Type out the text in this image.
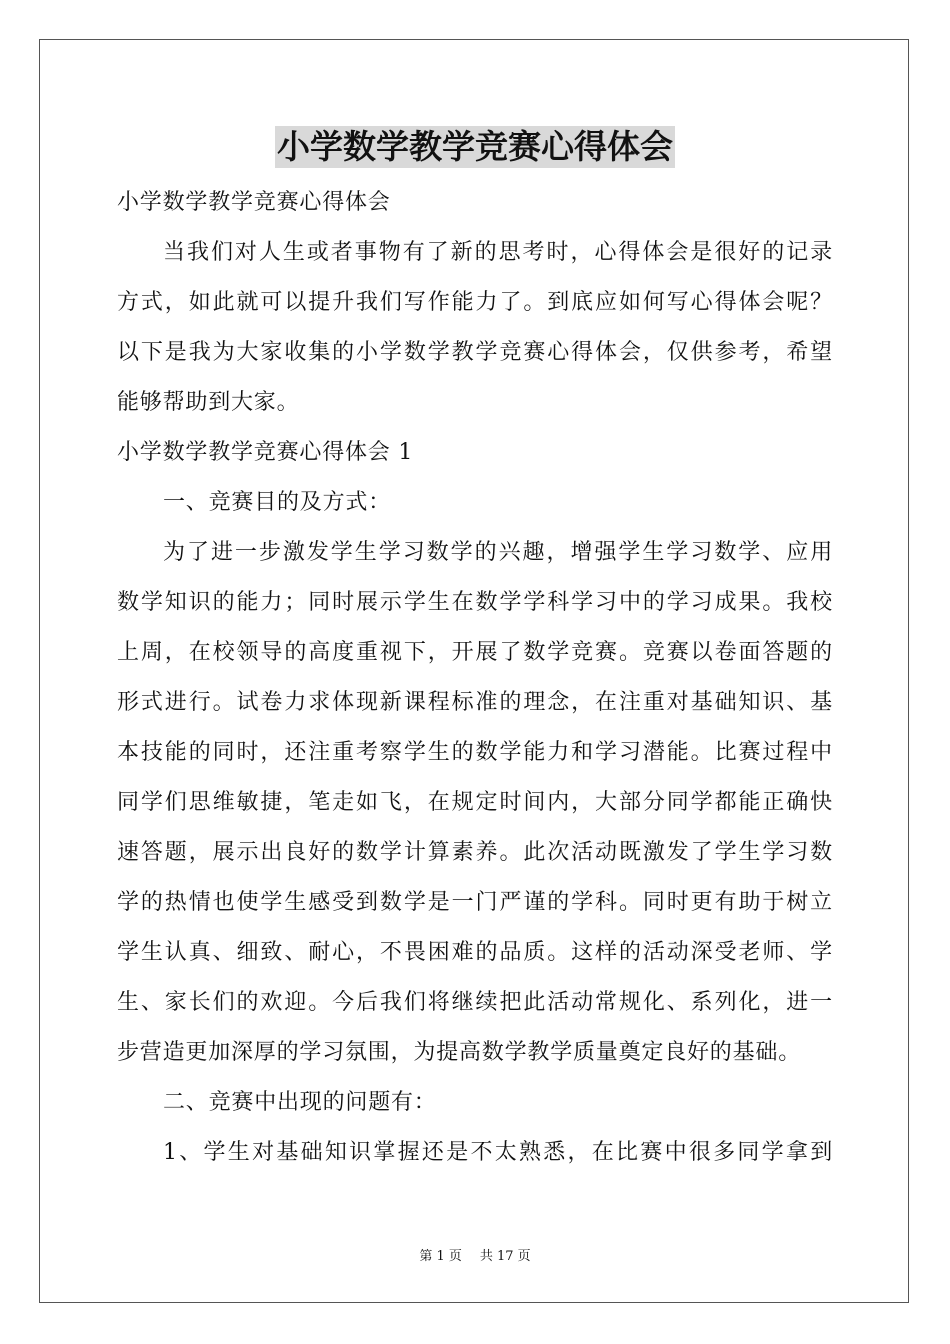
小学数学教学竞赛心得体会
小学数学教学竞赛心得体会
当我们对人生或者事物有了新的思考时，心得体会是很好的记录
方式，如此就可以提升我们写作能力了。到底应如何写心得体会呢？
以下是我为大家收集的小学数学教学竞赛心得体会，仅供参考，希望
能够帮助到大家。
小学数学教学竞赛心得体会 1
一、竞赛目的及方式：
为了进一步激发学生学习数学的兴趣，增强学生学习数学、应用
数学知识的能力；同时展示学生在数学学科学习中的学习成果。我校
上周，在校领导的高度重视下，开展了数学竞赛。竞赛以卷面答题的
形式进行。试卷力求体现新课程标准的理念，在注重对基础知识、基
本技能的同时，还注重考察学生的数学能力和学习潜能。比赛过程中
同学们思维敏捷，笔走如飞，在规定时间内，大部分同学都能正确快
速答题，展示出良好的数学计算素养。此次活动既激发了学生学习数
学的热情也使学生感受到数学是一门严谨的学科。同时更有助于树立
学生认真、细致、耐心，不畏困难的品质。这样的活动深受老师、学
生、家长们的欢迎。今后我们将继续把此活动常规化、系列化，进一
步营造更加深厚的学习氛围，为提高数学教学质量奠定良好的基础。
二、竞赛中出现的问题有：
1、学生对基础知识掌握还是不太熟悉，在比赛中很多同学拿到
第 1 页 共 17 页
